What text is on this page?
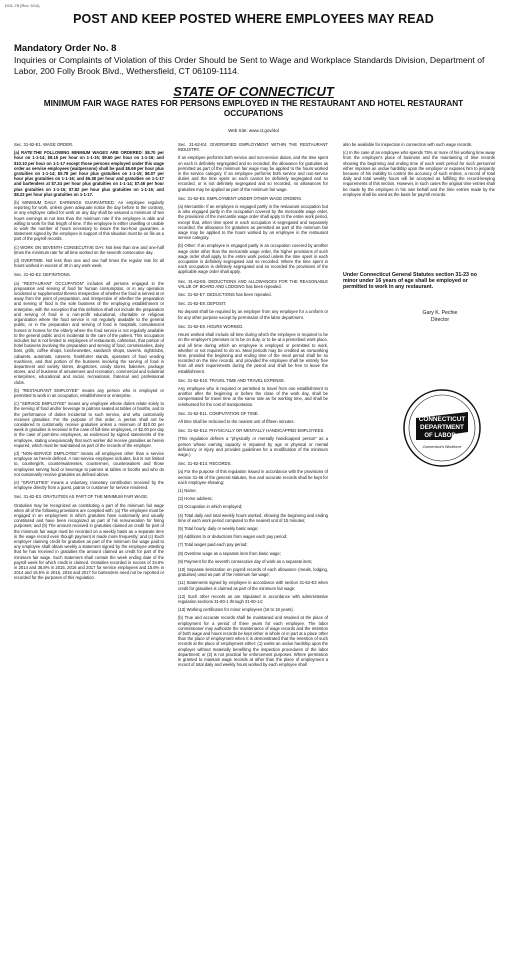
DOL-78 (Rev. 5/14)
POST AND KEEP POSTED WHERE EMPLOYEES MAY READ
Mandatory Order No. 8
Inquiries or Complaints of Violation of this Order Should be Sent to Wage and Workplace Standards Division, Department of Labor, 200 Folly Brook Blvd., Wethersfield, CT 06109-1114.
STATE OF CONNECTICUT
MINIMUM FAIR WAGE RATES FOR PERSONS EMPLOYED IN THE RESTAURANT AND HOTEL RESTAURANT OCCUPATIONS
Web Site: www.ct.gov/dol

Sec. 31-62-E1. WAGE ORDER.

(a) RATE:THE FOLLOWING MINIMUM WAGES ARE ORDERED: $8.70 per hour on 1-1-14; $9.15 per hour on 1-1-15; $9.60 per hour on 1-1-16; and $10.10 per hour on 1-1-17 except those persons employed under this wage order as service employees (waitpersons) shall be paid $5.69 per hour plus gratuities on 1-1-14; $5.78 per hour plus gratuities on 1-1-15; $6.07 per hour plus gratuities on 1-1-16; and $6.38 per hour and gratuities on 1-1-17 and bartenders at $7.34 per hour plus gratuities on 1-1-14; $7.46 per hour plus gratuities on 1-1-15; $7.82 per hour plus gratuities on 1-1-16; and $8.23 per hour plus gratuities on 1-1-17.

(b) MINIMUM DAILY EARNINGS GUARANTEED. An employee regularly reporting for work, unless given adequate notice the day before to the contrary, or any employee called for work on any day shall be assured a minimum of two hours earnings at not less than the minimum rate if the employee is able and willing to work for that length of time. If the employee is either unwilling or unable to work the number of hours necessary to insure the two-hour guarantee, a statement signed by the employee in support of this situation must be on file as a part of the payroll records.

(c) WORK ON SEVENTH CONSECUTIVE DAY. Not less than one and one-half times the minimum rate for all time worked on the seventh consecutive day.

(d) OVERTIME. Not less than one and one half times the regular rate for all hours worked in excess of 40 in any work week.

Sec. 31-62-E2. DEFINITIONS.

(a) "RESTAURANT OCCUPATION" includes all persons engaged in the preparation and serving of food for human consumption, or in any operation incidental or supplemental thereto irrespective of whether the food is served at or away from the point of preparation, and irrespective of whether the preparation and serving of food is the sole business of the employing establishment or enterprise, with the exception that this definition shall not include the preparation and serving of food in a non-profit educational, charitable or religious organization where the food service is not regularly available to the general public, or in the preparation and serving of food in hospitals, convalescent homes or homes for the elderly where the food service is not regularly available to the general public and is incidental to the care of the patient. This occupation includes but is not limited to employees of restaurants, cafeterias, that portion of hotel business involving the preparation and serving of food, commissaries, dairy bars, grills, coffee shops, luncheonettes, sandwich shops, taverns, nightclubs, cabarets, automats, caterers, frankfurter stands, operators of food vending machines, and that portion of the business involving the serving of food in department and variety stores, drugstores, candy stores, bakeries, package stores, and of business of amusement and recreation, commercial and industrial enterprises, educational and social, recreational, fraternal and professional clubs.

(b) "RESTAURANT EMPLOYEE" means any person who is employed or permitted to work in an occupation, establishment or enterprise.

(c) "SERVICE EMPLOYEE" means any employee whose duties relate solely to the serving of food and/or beverage to patrons seated at tables or booths, and to the performance of duties incidental to such service, and who customarily receives gratuities. For the purpose of this order, a person shall not be considered to customarily receive gratuities unless a minimum of $10.00 per week in gratuities is received in the case of full-time employees, or $2.00 per day in the case of part-time employees, as evidenced by signed statements of the employee, stating unequivocally that such worker did receive gratuities as herein required, which must be maintained as part of the records of the employer.

(d) "NON-SERVICE EMPLOYEE" means all employees other than a service employee as herein defined. A non-service employee includes, but is not limited to, countergirls, counterwaitresses, countermen, counterwaiters and those employees serving food or beverage to patrons at tables or booths and who do not customarily receive gratuities as defined above.

(e) "GRATUITIES" means a voluntary, monetary contribution received by the employee directly from a guest, patron or customer for service rendered.

Sec. 31-62-E3. GRATUITIES AS PART OF THE MINIMUM FAIR WAGE.

Gratuities may be recognized as constituting a part of the minimum fair wage when all of the following provisions are complied with: (a) The employee must be engaged in an employment in which gratuities have customarily and usually constituted and have been recognized as part of his remuneration for hiring purposes; and (b) The amount received in gratuities claimed as credit for part of the minimum fair wage must be recorded on a weekly basis as a separate item in the wage record even though payment is made more frequently; and (c) Each employer claiming credit for gratuities as part of the minimum fair wage paid to any employee shall obtain weekly a statement signed by the employee attesting that he has received in gratuities the amount claimed as credit for part of the minimum fair wage. Such statement shall contain the week ending date of the payroll week for which credit is claimed. Gratuities recorded in excess of 34.6% in 2014 and 36.8% in 2015, 2016 and 2017 for service employees and 15.6% in 2014 and 18.5% in 2015, 2016 and 2017 for bartenders need not be reported or recorded for the purposes of this regulation.

Sec. 31-62-E4. DIVERSIFIED EMPLOYMENT WITHIN THE RESTAURANT INDUSTRY.

If an employee performs both service and non-service duties, and the time spent on each is definitely segregated and so recorded, the allowance for gratuities as permitted as part of the minimum fair wage may be applied to the hours worked in the service category. If an employee performs both service and non-service duties and the time spent on each cannot be definitely segregated and so recorded, or is not definitely segregated and so recorded, no allowances for gratuities may be applied as part of the minimum fair wage.

Sec. 31-62-E5. EMPLOYMENT UNDER OTHER WAGE ORDERS.

(a) Mercantile: If an employee is engaged partly in the restaurant occupation but is also engaged partly in the occupation covered by the mercantile wage order, the provisions of the mercantile wage order shall apply to the entire work period, except that, when time spent in each occupation is segregated and separately recorded, the allowance for gratuities as permitted as part of the minimum fair wage may be applied to the hours worked by an employee in the restaurant service category.

(b) Other: If an employee is engaged partly in an occupation covered by another wage order other than the mercantile wage order, the higher provisions of such wage order shall apply to the entire work period unless the time spent in each occupation is definitely segregated and so recorded. Where the time spent in each occupation is definitely segregated and so recorded the provisions of the applicable wage order shall apply.

Sec. 31-62-E6. DEDUCTIONS AND ALLOWANCES FOR THE REASONABLE VALUE OF BOARD AND LODGING has been repealed.

Sec. 31-62-E7. DEDUCTIONS has been repealed.

Sec. 31-62-E8. DEPOSIT.

No deposit shall be required by an employer from any employee for a uniform or for any other purpose except by permission of the labor department.

Sec. 31-62-E9. HOURS WORKED.

Hours worked shall include all time during which the employee is required to be on the employer's premises or to be on duty, or to be at a prescribed work place, and all time during which an employee is employed or permitted to work, whether or not required to do so. Meal periods may be credited as nonworking time, provided the beginning and ending time of the meal period shall be so recorded on the time records, and provided the employee shall be entirely free from all work requirements during the period and shall be free to leave the establishment.

Sec. 31-62-E10. TRAVEL TIME AND TRAVEL EXPENSE.

Any employee who is required or permitted to travel from one establishment to another after the beginning or before the close of the work day, shall be compensated for travel time at the same rate as for working time, and shall be reimbursed for the cost of transportation.

Sec. 31-62-E11. COMPUTATION OF TIME.

All time shall be reckoned to the nearest unit of fifteen minutes.

Sec. 31-62-E12. PHYSICALLY OR MENTALLY HANDICAPPED EMPLOYEES.

(This regulation defines a "physically or mentally handicapped person" as a person whose earning capacity is impaired by age or physical or mental deficiency or injury and provides guidelines for a modification of the minimum wage.)

Sec. 31-62-E14. RECORDS.

(a) For the purpose of this regulation issued in accordance with the provisions of section 31-68 of the general statutes, true and accurate records shall be kept for each employee showing:

(1) Name;

(2) Home address;

(3) Occupation in which employed;

(4) Total daily and total weekly hours worked, showing the beginning and ending time of each work period computed to the nearest unit of 15 minutes;

(5) Total hourly, daily or weekly basic wage;

(6) Additions to or deductions from wages each pay period;

(7) Total wages paid each pay period;

(8) Overtime wage as a separate item from basic wage;

(9) Payment for the seventh consecutive day of work as a separate item;

(10) Separate itemization on payroll records of each allowance (meals, lodging, gratuities) used as part of the minimum fair wage;

(11) Statements signed by employee in accordance with section 31-62-E3 when credit for gratuities is claimed as part of the minimum fair wage;

(12) Such other records as are stipulated in accordance with administrative regulation sections 31-60-1 through 31-60-14;

(13) Working certificates for minor employees (16 to 18 years).

(b) True and accurate records shall be maintained and retained at the place of employment for a period of three years for each employee. The labor commissioner may authorize the maintenance of wage records and the retention of both wage and hours records be kept either in whole or in part at a place other than the place of employment when it is demonstrated that the retention of such records at the place of employment either: (1) works an undue hardship upon the employer without materially benefiting the inspection procedures of the labor department; or (2) is not practical for enforcement purposes. Where permission is granted to maintain wage records at other than the place of employment a record of total daily and weekly hours worked by each employee shall

also be available for inspection in connection with such wage records.

(c) In the case of an employee who spends 75% or more of his working time away from the employer's place of business and the maintaining of time records showing the beginning and ending time of each work period for such personnel either imposes an undue hardship upon the employer or exposes him to jeopardy because of his inability to control the accuracy of such entries, a record of total daily and total weekly hours will be accepted as fulfilling the record-keeping requirements of this section. However, in such cases the original time entries shall be made by the employee in his own behalf and the time entries made by the employee shall be used as the basis for payroll records.

Under Connecticut General Statutes section 31-23 no minor under 16 years of age shall be employed or permitted to work in any restaurant.
Gary K. Pechie
Director
CONNECTICUT
DEPARTMENT
OF LABOR
Connecticut's Workforce
